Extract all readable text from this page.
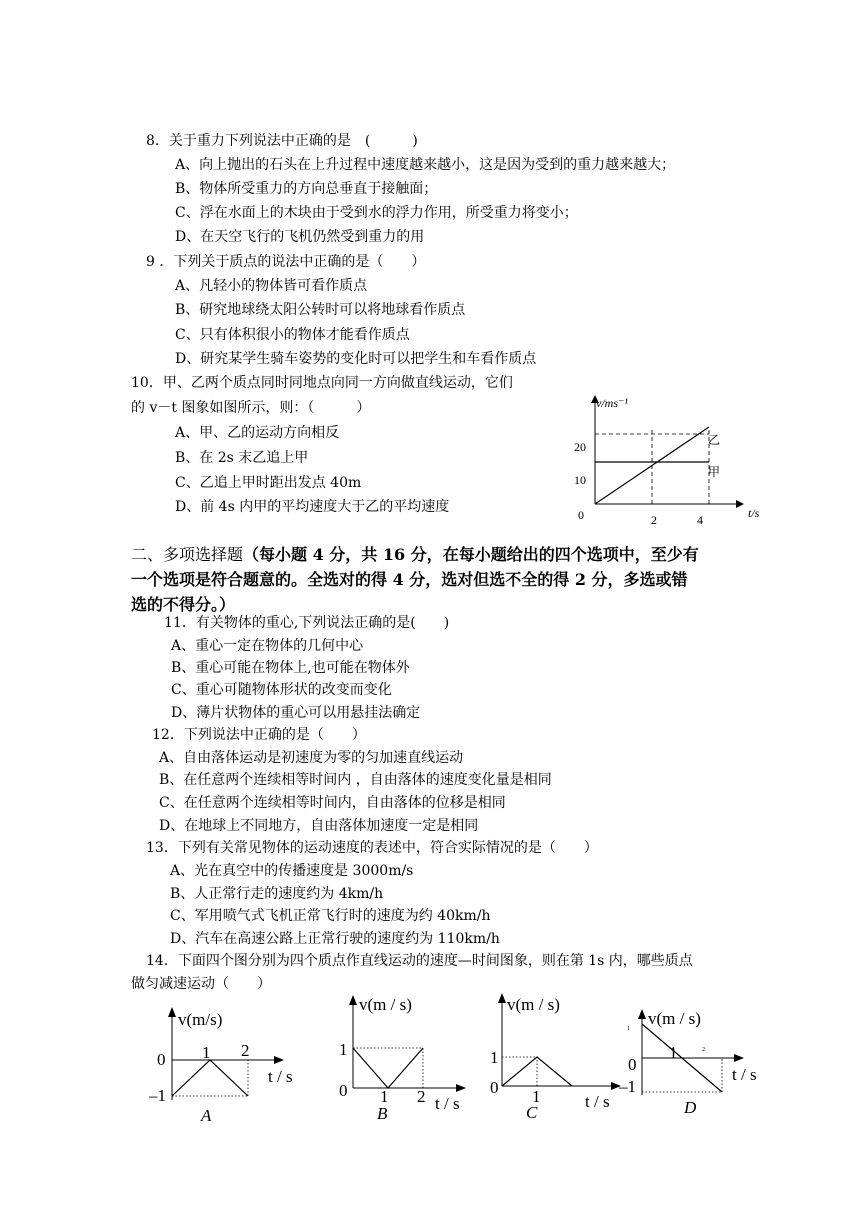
8．关于重力下列说法中正确的是　(　　　)
A、向上抛出的石头在上升过程中速度越来越小，这是因为受到的重力越来越大；
B、物体所受重力的方向总垂直于接触面；
C、浮在水面上的木块由于受到水的浮力作用，所受重力将变小；
D、在天空飞行的飞机仍然受到重力的用
9 ．下列关于质点的说法中正确的是（　　）
A、凡轻小的物体皆可看作质点
B、研究地球绕太阳公转时可以将地球看作质点
C、只有体积很小的物体才能看作质点
D、研究某学生骑车姿势的变化时可以把学生和车看作质点
10．甲、乙两个质点同时同地点向同一方向做直线运动，它们
的 v－t 图象如图所示，则：（　　　）
A、甲、乙的运动方向相反
B、在 2s 末乙追上甲
C、乙追上甲时距出发点 40m
D、前 4s 内甲的平均速度大于乙的平均速度
v/ms⁻¹
t/s
0
10
20
2	4
乙
甲
二、多项选择题（每小题 4 分，共 16 分，在每小题给出的四个选项中，至少有
一个选项是符合题意的。全选对的得 4 分，选对但选不全的得 2 分，多选或错
选的不得分。）
11．有关物体的重心,下列说法正确的是(　　)
A、重心一定在物体的几何中心
B、重心可能在物体上,也可能在物体外
C、重心可随物体形状的改变而变化
D、薄片状物体的重心可以用悬挂法确定
12．下列说法中正确的是（　　）
A、自由落体运动是初速度为零的匀加速直线运动
B、在任意两个连续相等时间内 ，自由落体的速度变化量是相同
C、在任意两个连续相等时间内，自由落体的位移是相同
D、在地球上不同地方，自由落体加速度一定是相同
13．下列有关常见物体的运动速度的表述中，符合实际情况的是（　　）
A、光在真空中的传播速度是 3000m/s
B、人正常行走的速度约为 4km/h
C、军用喷气式飞机正常飞行时的速度为约 40km/h
D、汽车在高速公路上正常行驶的速度约为 110km/h
14．下面四个图分别为四个质点作直线运动的速度—时间图象，则在第 1s 内，哪些质点
做匀减速运动（　　）
v(m/s)
t / s
0
–1
1 2
A
v(m / s)
t / s
1
0 1 2
B
v(m / s)
t / s
1
0 1
C
v(m / s)
t / s
1
0
–1
1	2
D
